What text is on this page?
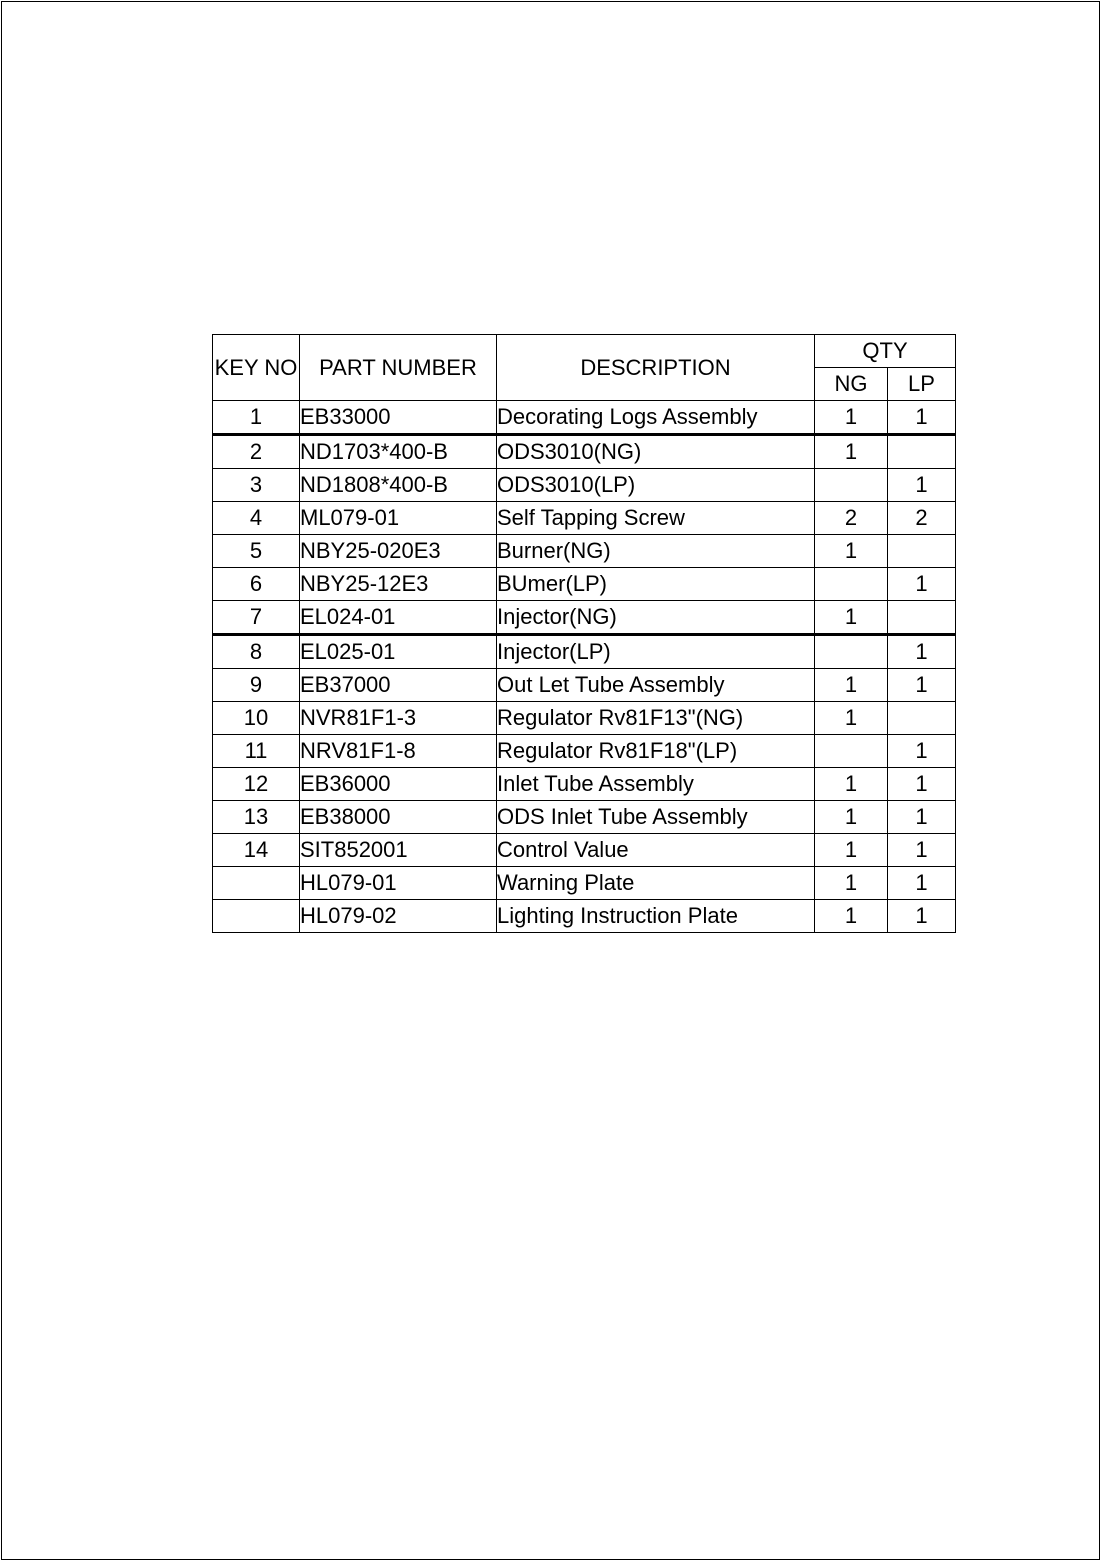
KEY NO	PART NUMBER	DESCRIPTION	QTY	
			NG	LP
1	EB33000	Decorating Logs Assembly	1	1
2	ND1703*400-B	ODS3010(NG)	1	
3	ND1808*400-B	ODS3010(LP)		1
4	ML079-01	Self Tapping Screw	2	2
5	NBY25-020E3	Burner(NG)	1	
6	NBY25-12E3	BUmer(LP)		1
7	EL024-01	Injector(NG)	1	
8	EL025-01	Injector(LP)		1
9	EB37000	Out Let Tube Assembly	1	1
10	NVR81F1-3	Regulator Rv81F13"(NG)	1	
11	NRV81F1-8	Regulator Rv81F18"(LP)		1
12	EB36000	Inlet Tube Assembly	1	1
13	EB38000	ODS Inlet Tube Assembly	1	1
14	SIT852001	Control Value	1	1
	HL079-01	Warning Plate	1	1
	HL079-02	Lighting Instruction Plate	1	1
